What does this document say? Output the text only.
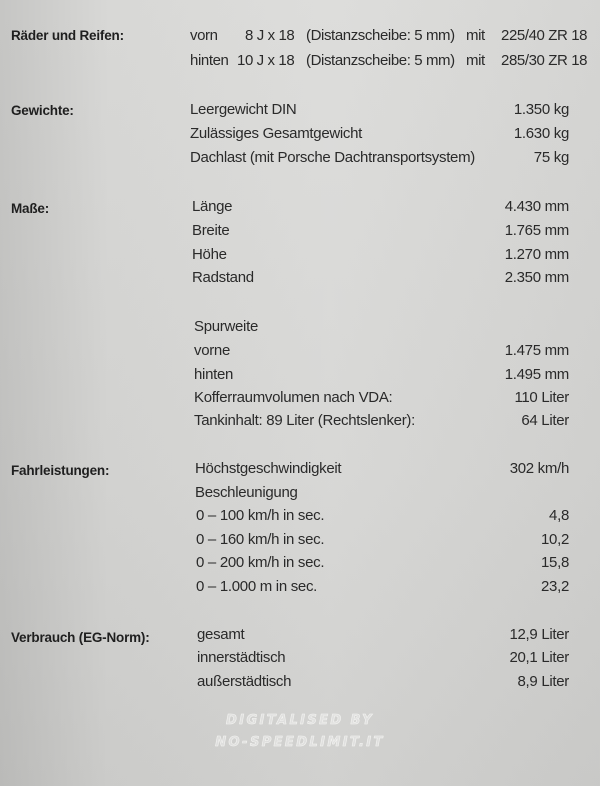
Räder und Reifen:	vorn 8 J x 18 (Distanzscheibe: 5 mm) mit 225/40 ZR 18
hinten 10 J x 18 (Distanzscheibe: 5 mm) mit 285/30 ZR 18
Gewichte:	Leergewicht DIN	1.350 kg
Zulässiges Gesamtgewicht	1.630 kg
Dachlast (mit Porsche Dachtransportsystem)	75 kg
Maße:	Länge	4.430 mm
Breite	1.765 mm
Höhe	1.270 mm
Radstand	2.350 mm
Spurweite
vorne	1.475 mm
hinten	1.495 mm
Kofferraumvolumen nach VDA:	110 Liter
Tankinhalt: 89 Liter (Rechtslenker):	64 Liter
Fahrleistungen:	Höchstgeschwindigkeit	302 km/h
Beschleunigung
0 – 100 km/h in sec.	4,8
0 – 160 km/h in sec.	10,2
0 – 200 km/h in sec.	15,8
0 – 1.000 m in sec.	23,2
Verbrauch (EG-Norm):	gesamt	12,9 Liter
innerstädtisch	20,1 Liter
außerstädtisch	8,9 Liter
DIGITALISED BY
NO-SPEEDLIMIT.IT
